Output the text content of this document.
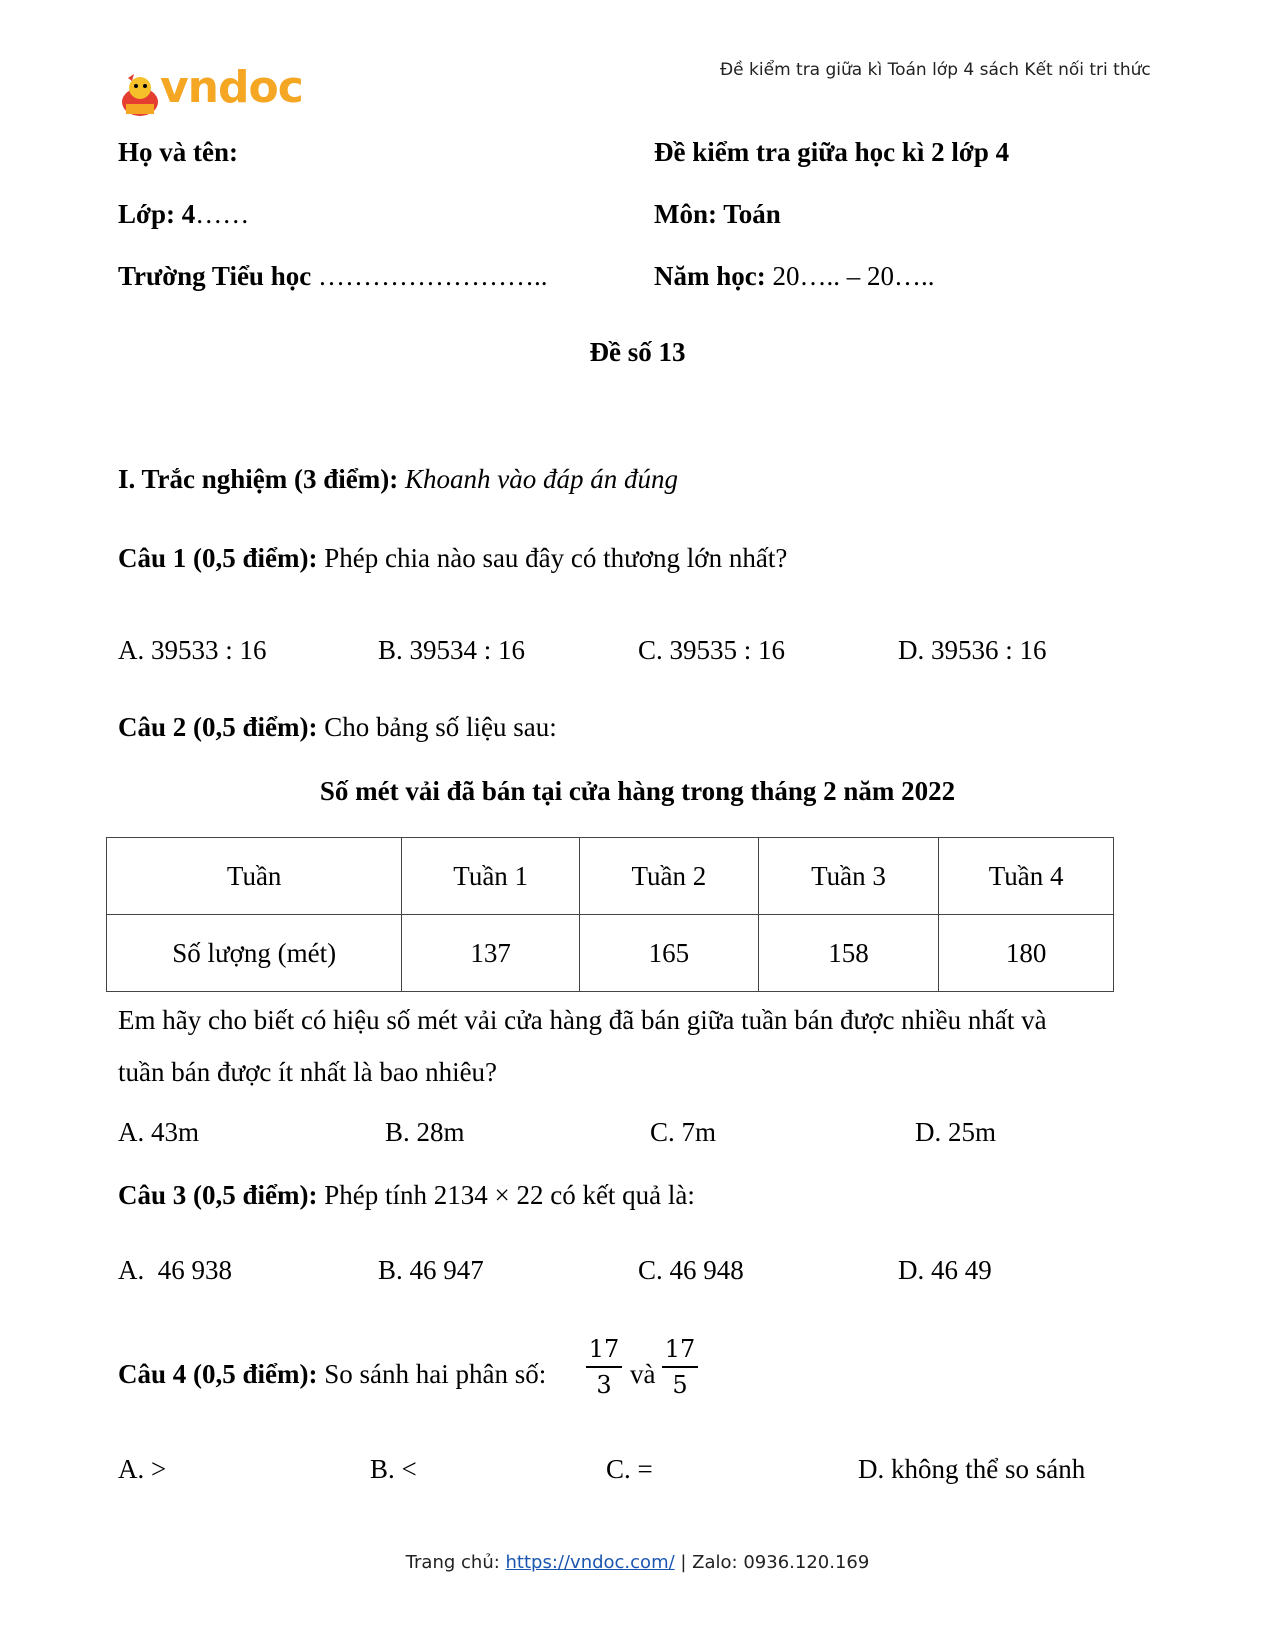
Đề kiểm tra giữa kì Toán lớp 4 sách Kết nối tri thức
vndoc
Họ và tên:
Lớp: 4……
Trường Tiểu học ……………………..
Đề kiểm tra giữa học kì 2 lớp 4
Môn: Toán
Năm học: 20….. – 20…..
Đề số 13
I. Trắc nghiệm (3 điểm): Khoanh vào đáp án đúng
Câu 1 (0,5 điểm): Phép chia nào sau đây có thương lớn nhất?
A. 39533 : 16	B. 39534 : 16	C. 39535 : 16	D. 39536 : 16
Câu 2 (0,5 điểm): Cho bảng số liệu sau:
Số mét vải đã bán tại cửa hàng trong tháng 2 năm 2022
Tuần	Tuần 1	Tuần 2	Tuần 3	Tuần 4
Số lượng (mét)	137	165	158	180
Em hãy cho biết có hiệu số mét vải cửa hàng đã bán giữa tuần bán được nhiều nhất và
tuần bán được ít nhất là bao nhiêu?
A. 43m	B. 28m	C. 7m	D. 25m
Câu 3 (0,5 điểm): Phép tính 2134 × 22 có kết quả là:
A.  46 938	B. 46 947	C. 46 948	D. 46 49
Câu 4 (0,5 điểm): So sánh hai phân số:
17
3 và
17
5
A. >	B. <	C. =	D. không thể so sánh
Trang chủ: https://vndoc.com/ | Zalo: 0936.120.169
